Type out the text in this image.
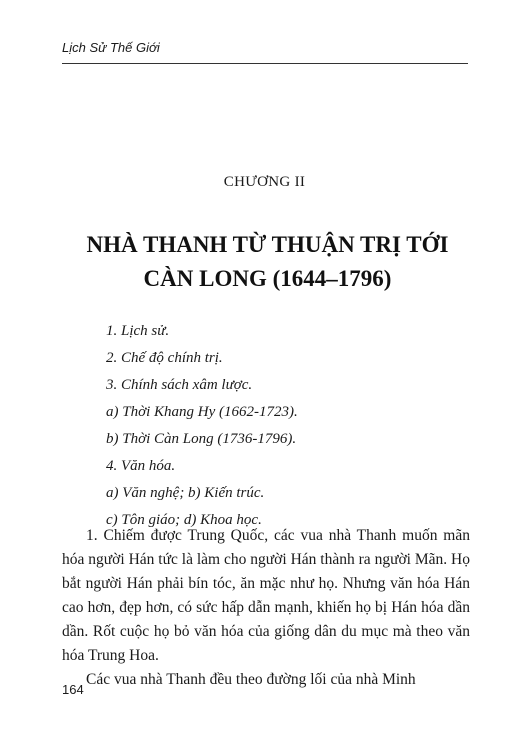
Lịch Sử Thế Giới
CHƯƠNG II
NHÀ THANH TỪ THUẬN TRỊ TỚI
CÀN LONG (1644–1796)
1. Lịch sử.
2. Chế độ chính trị.
3. Chính sách xâm lược.
a) Thời Khang Hy (1662-1723).
b) Thời Càn Long (1736-1796).
4. Văn hóa.
a) Văn nghệ; b) Kiến trúc.
c) Tôn giáo; d) Khoa học.

1. Chiếm được Trung Quốc, các vua nhà Thanh muốn mãn hóa người Hán tức là làm cho người Hán thành ra người Mãn. Họ bắt người Hán phải bín tóc, ăn mặc như họ. Nhưng văn hóa Hán cao hơn, đẹp hơn, có sức hấp dẫn mạnh, khiến họ bị Hán hóa dần dần. Rốt cuộc họ bỏ văn hóa của giống dân du mục mà theo văn hóa Trung Hoa.

Các vua nhà Thanh đều theo đường lối của nhà Minh

164
